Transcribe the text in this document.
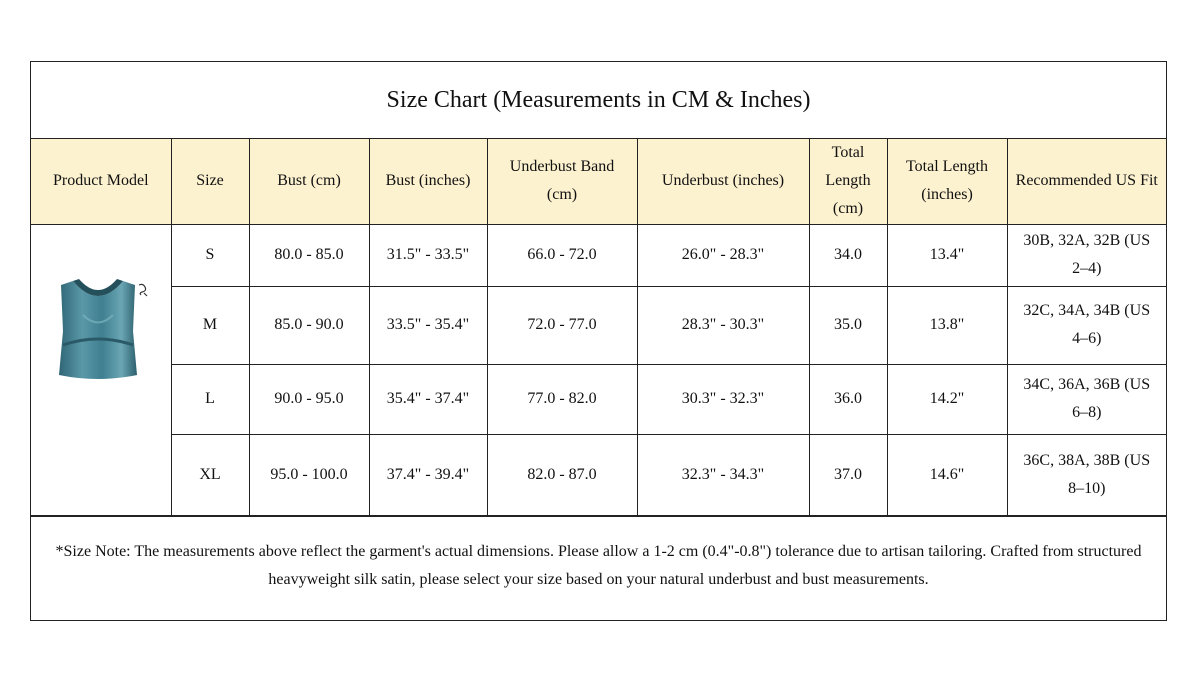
Size Chart (Measurements in CM & Inches)
Product Model	Size	Bust (cm)	Bust (inches)	Underbust Band (cm)	Underbust (inches)	Total Length (cm)	Total Length (inches)	Recommended US Fit

	S	80.0 - 85.0	31.5" - 33.5"	66.0 - 72.0	26.0" - 28.3"	34.0	13.4"	30B, 32A, 32B (US 2–4)
	M	85.0 - 90.0	33.5" - 35.4"	72.0 - 77.0	28.3" - 30.3"	35.0	13.8"	32C, 34A, 34B (US 4–6)
	L	90.0 - 95.0	35.4" - 37.4"	77.0 - 82.0	30.3" - 32.3"	36.0	14.2"	34C, 36A, 36B (US 6–8)
	XL	95.0 - 100.0	37.4" - 39.4"	82.0 - 87.0	32.3" - 34.3"	37.0	14.6"	36C, 38A, 38B (US 8–10)
*Size Note: The measurements above reflect the garment's actual dimensions. Please allow a 1-2 cm (0.4"-0.8") tolerance due to artisan tailoring. Crafted from structured heavyweight silk satin, please select your size based on your natural underbust and bust measurements.
